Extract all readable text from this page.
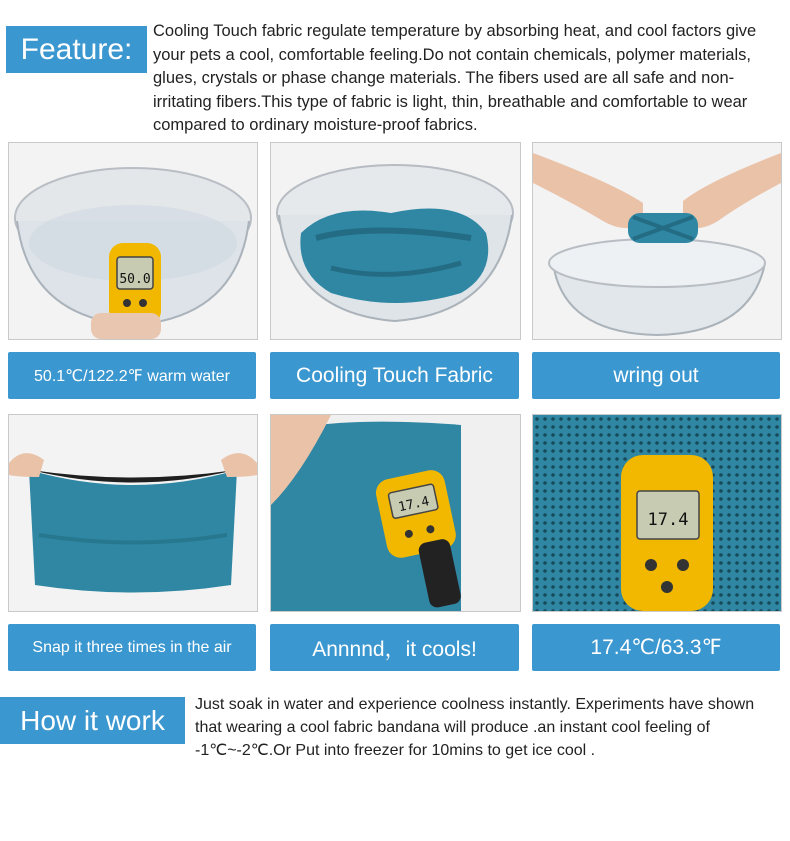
Feature:
Cooling Touch fabric regulate temperature by absorbing heat, and cool factors give your pets a cool, comfortable feeling.Do not contain chemicals, polymer materials, glues, crystals or phase change materials. The fibers used are all safe and non-irritating fibers.This type of fabric is light, thin, breathable and comfortable to wear compared to ordinary moisture-proof fabrics.
50.0
50.1℃/122.2℉ warm water	Cooling Touch Fabric	wring out
17.4
17.4
Snap it three times in the air	Annnnd，it cools!	17.4℃/63.3℉
How it work Just soak in water and experience coolness instantly. Experiments have shown that wearing a cool fabric bandana will produce .an instant cool feeling of -1℃~-2℃.Or Put into freezer for 10mins to get ice cool .
